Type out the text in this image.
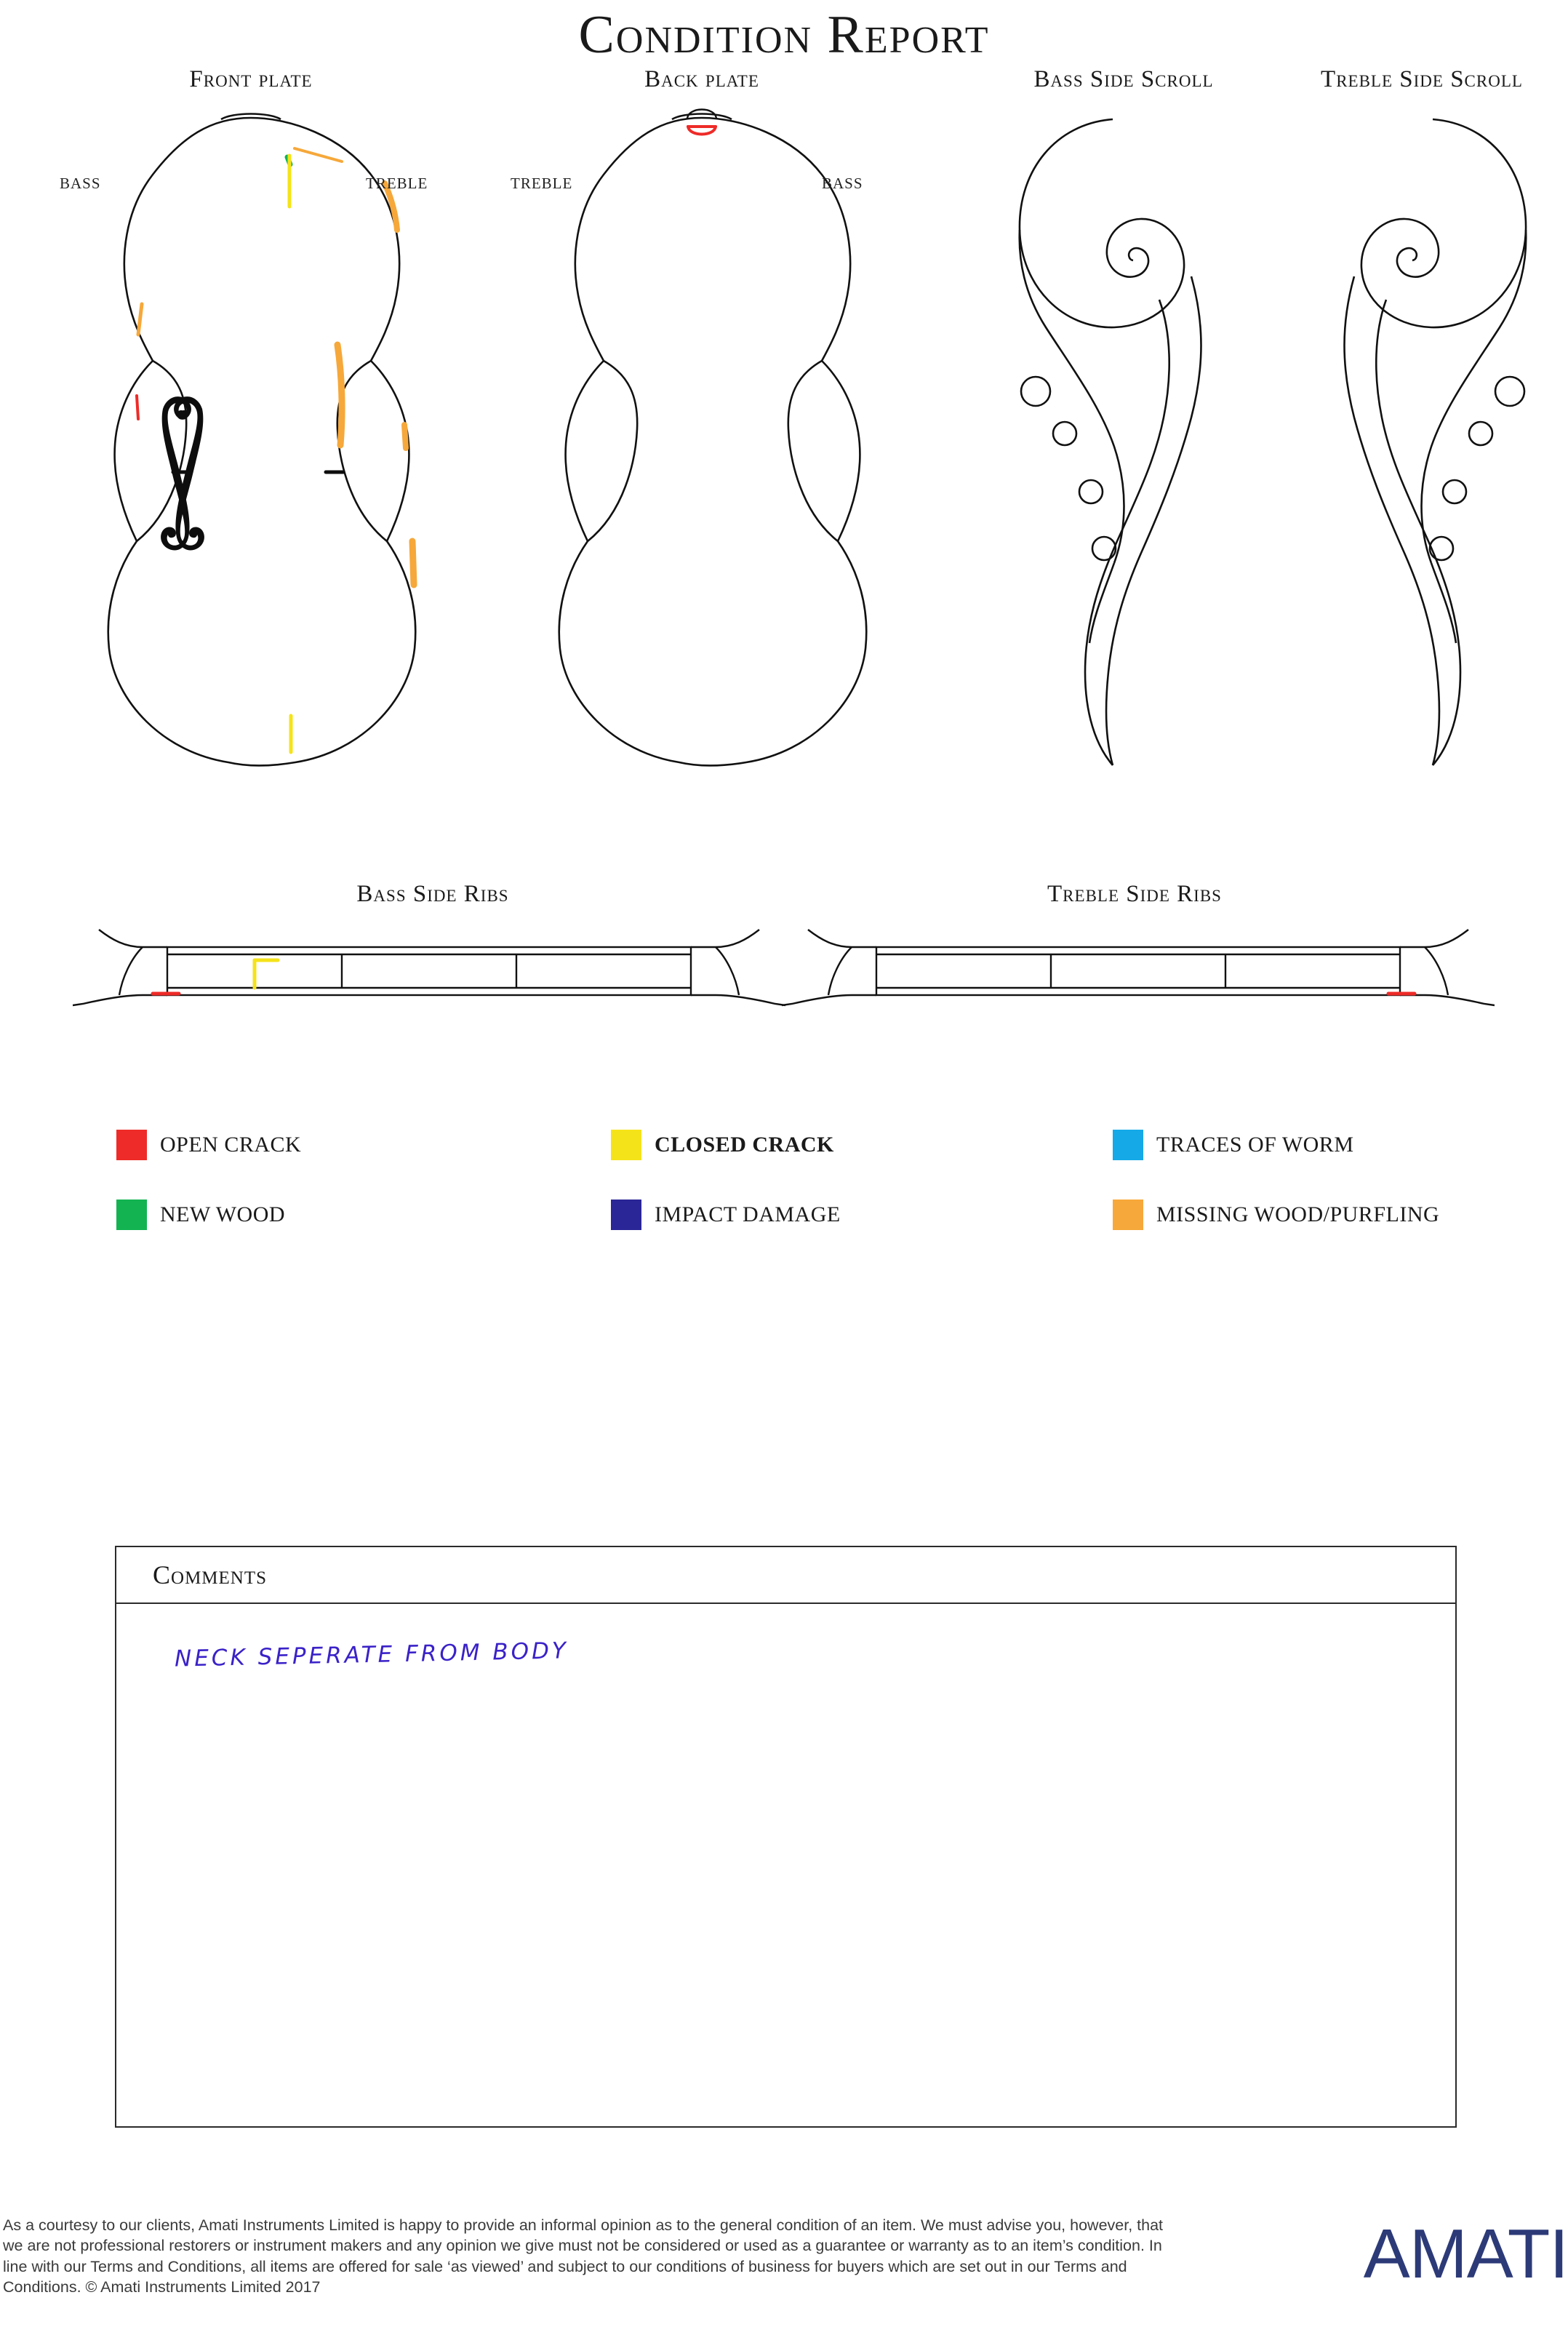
Condition Report
Front plate
BASS	TREBLE
Back plate
TREBLE	BASS
Bass Side Scroll	Treble Side Scroll
Bass Side Ribs	Treble Side Ribs
OPEN CRACK	CLOSED CRACK	TRACES OF WORM
NEW WOOD	IMPACT DAMAGE	MISSING WOOD/PURFLING
Comments
NECK SEPERATE FROM BODY
As a courtesy to our clients, Amati Instruments Limited is happy to provide an informal opinion as to the general condition of an item. We must advise you, however, that we are not professional restorers or instrument makers and any opinion we give must not be considered or used as a guarantee or warranty as to an item’s condition. In line with our Terms and Conditions, all items are offered for sale ‘as viewed’ and subject to our conditions of business for buyers which are set out in our Terms and Conditions. © Amati Instruments Limited 2017	AMATI
